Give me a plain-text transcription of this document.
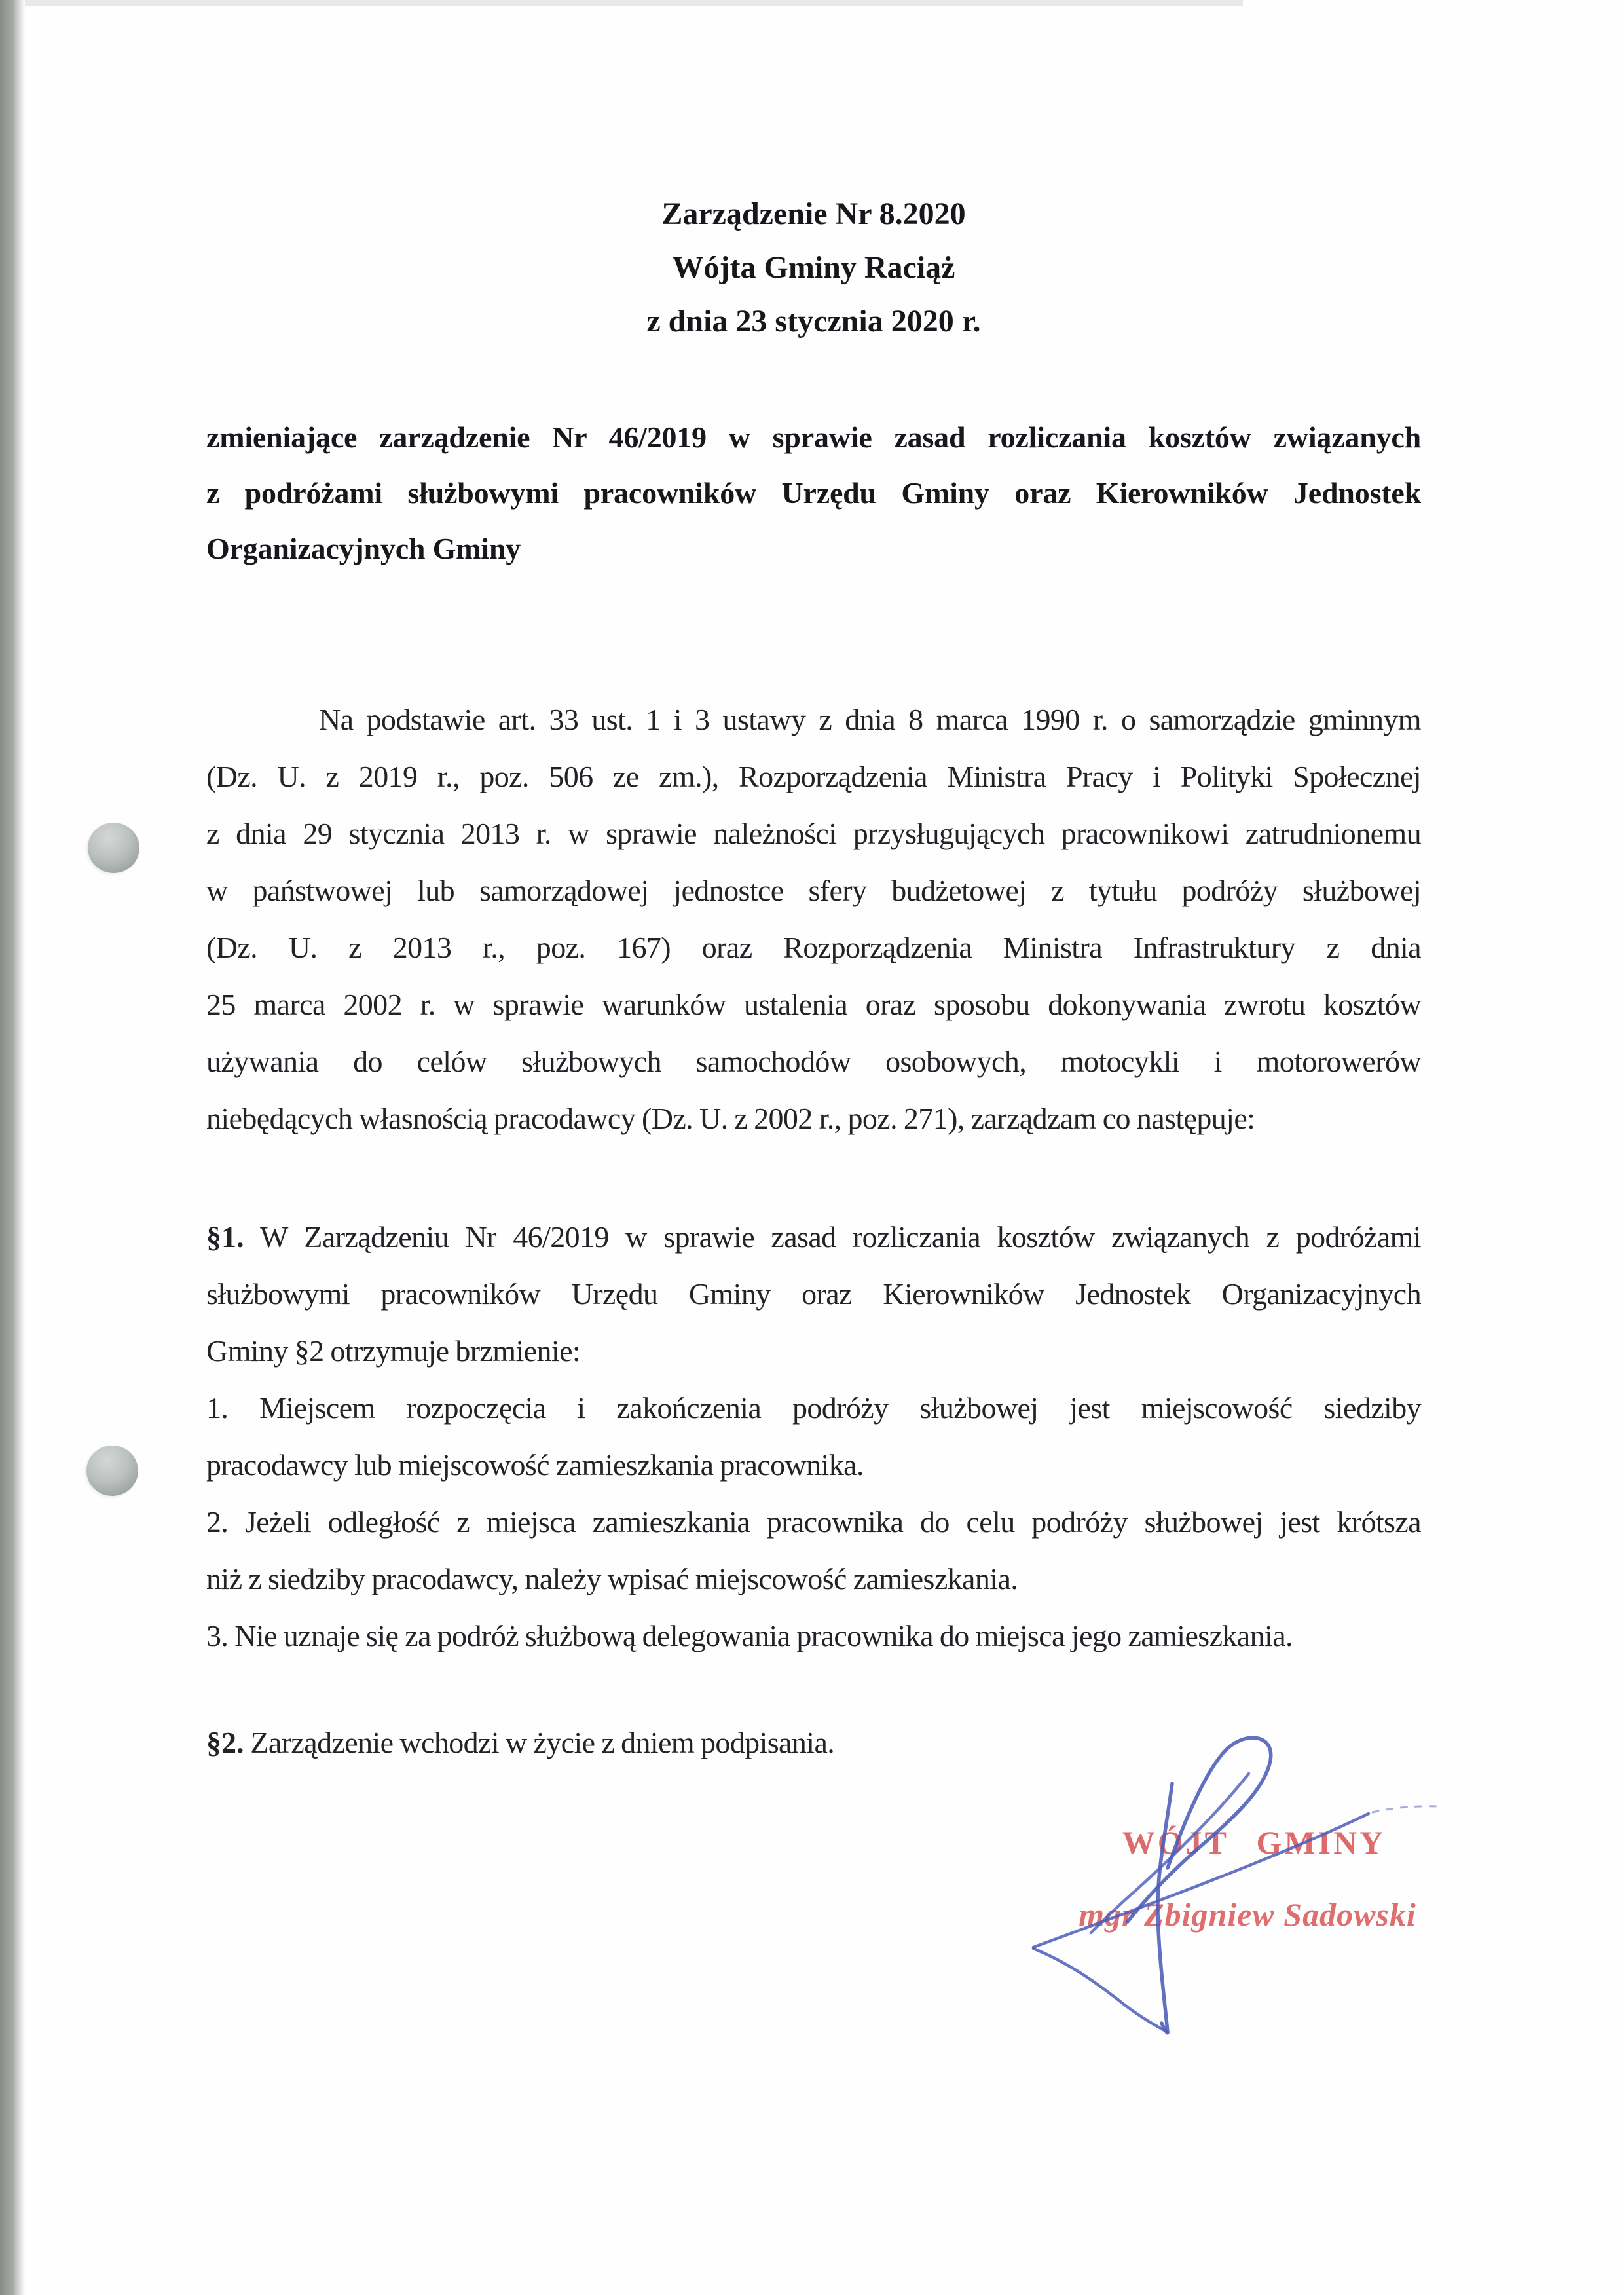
Zarządzenie Nr 8.2020
Wójta Gminy Raciąż
z dnia 23 stycznia 2020 r.
zmieniające zarządzenie Nr 46/2019 w sprawie zasad rozliczania kosztów związanych
z podróżami służbowymi pracowników Urzędu Gminy oraz Kierowników Jednostek
Organizacyjnych Gminy
Na podstawie art. 33 ust. 1 i 3 ustawy z dnia 8 marca 1990 r. o samorządzie gminnym
(Dz. U. z 2019 r., poz. 506 ze zm.), Rozporządzenia Ministra Pracy i Polityki Społecznej
z dnia 29 stycznia 2013 r. w sprawie należności przysługujących pracownikowi zatrudnionemu
w państwowej lub samorządowej jednostce sfery budżetowej z tytułu podróży służbowej
(Dz. U. z 2013 r., poz. 167) oraz Rozporządzenia Ministra Infrastruktury z dnia
25 marca 2002 r. w sprawie warunków ustalenia oraz sposobu dokonywania zwrotu kosztów
używania do celów służbowych samochodów osobowych, motocykli i motorowerów
niebędących własnością pracodawcy (Dz. U. z 2002 r., poz. 271), zarządzam co następuje:
§1. W Zarządzeniu Nr 46/2019 w sprawie zasad rozliczania kosztów związanych z podróżami
służbowymi pracowników Urzędu Gminy oraz Kierowników Jednostek Organizacyjnych
Gminy §2 otrzymuje brzmienie:
1. Miejscem rozpoczęcia i zakończenia podróży służbowej jest miejscowość siedziby
pracodawcy lub miejscowość zamieszkania pracownika.
2. Jeżeli odległość z miejsca zamieszkania pracownika do celu podróży służbowej jest krótsza
niż z siedziby pracodawcy, należy wpisać miejscowość zamieszkania.
3. Nie uznaje się za podróż służbową delegowania pracownika do miejsca jego zamieszkania.
§2. Zarządzenie wchodzi w życie z dniem podpisania.
WÓJT GMINY
mgr Zbigniew Sadowski
